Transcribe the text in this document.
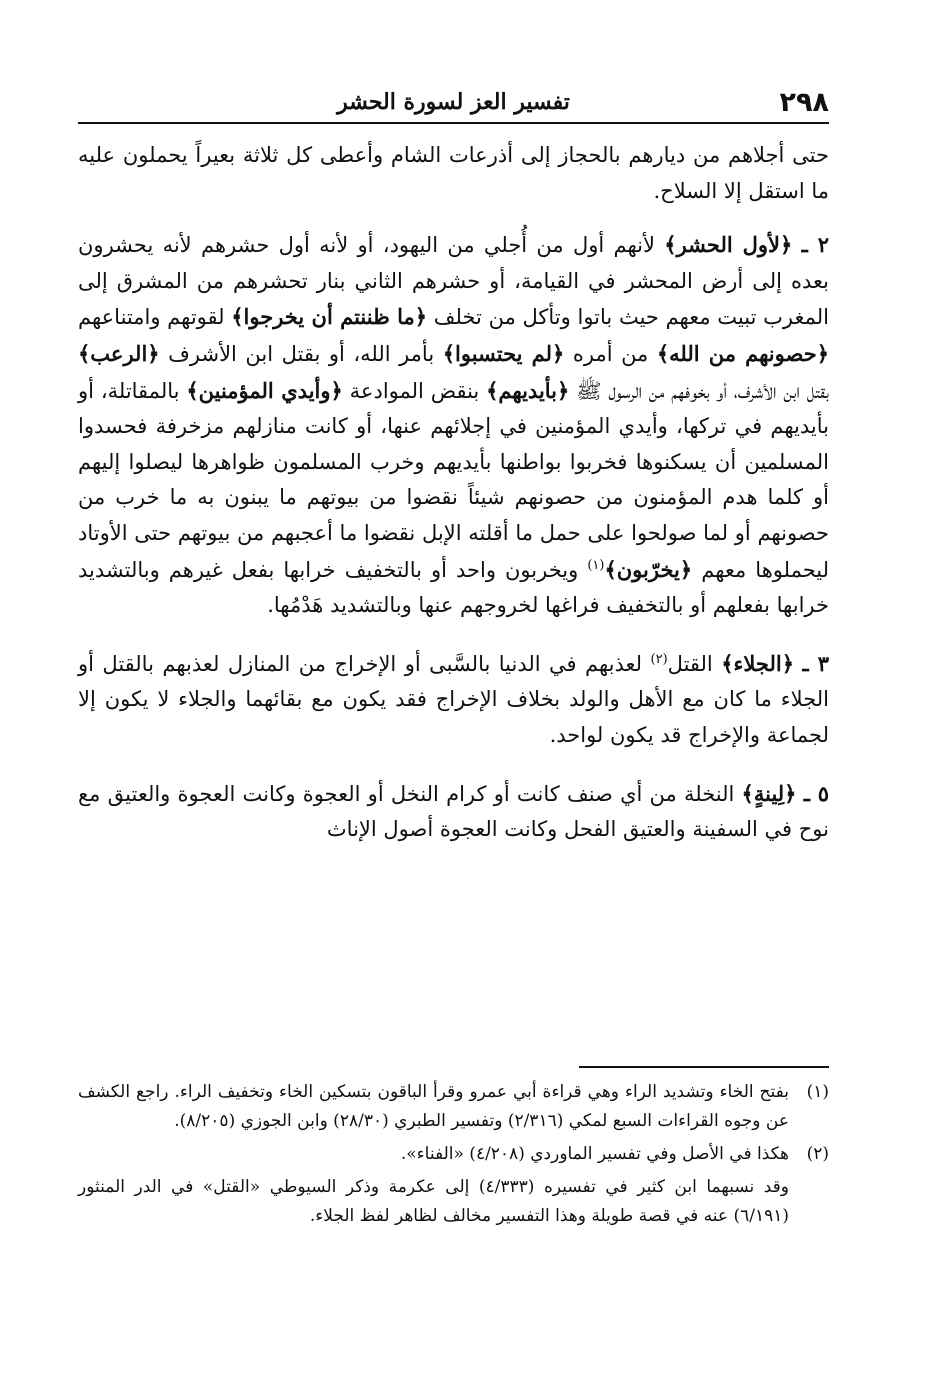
٢٩٨
تفسير العز لسورة الحشر

حتى أجلاهم من ديارهم بالحجاز إلى أذرعات الشام وأعطى كل ثلاثة بعيراً يحملون عليه ما استقل إلا السلاح.

٢ ـ ﴿لأول الحشر﴾ لأنهم أول من أُجلي من اليهود، أو لأنه أول حشرهم لأنه يحشرون بعده إلى أرض المحشر في القيامة، أو حشرهم الثاني بنار تحشرهم من المشرق إلى المغرب تبيت معهم حيث باتوا وتأكل من تخلف ﴿ما ظننتم أن يخرجوا﴾ لقوتهم وامتناعهم ﴿حصونهم من الله﴾ من أمره ﴿لم يحتسبوا﴾ بأمر الله، أو بقتل ابن الأشرف ﴿الرعب﴾ بقتل ابن الأشرف، أو بخوفهم من الرسول ﷺ ﴿بأيديهم﴾ بنقض الموادعة ﴿وأيدي المؤمنين﴾ بالمقاتلة، أو بأيديهم في تركها، وأيدي المؤمنين في إجلائهم عنها، أو كانت منازلهم مزخرفة فحسدوا المسلمين أن يسكنوها فخربوا بواطنها بأيديهم وخرب المسلمون ظواهرها ليصلوا إليهم أو كلما هدم المؤمنون من حصونهم شيئاً نقضوا من بيوتهم ما يبنون به ما خرب من حصونهم أو لما صولحوا على حمل ما أقلته الإبل نقضوا ما أعجبهم من بيوتهم حتى الأوتاد ليحملوها معهم ﴿يخرّبون﴾$^{(١)}$ ويخربون واحد أو بالتخفيف خرابها بفعل غيرهم وبالتشديد خرابها بفعلهم أو بالتخفيف فراغها لخروجهم عنها وبالتشديد هَدْمُها.

٣ ـ ﴿الجلاء﴾ القتل$^{(٢)}$ لعذبهم في الدنيا بالسَّبى أو الإخراج من المنازل لعذبهم بالقتل أو الجلاء ما كان مع الأهل والولد بخلاف الإخراج فقد يكون مع بقائهما والجلاء لا يكون إلا لجماعة والإخراج قد يكون لواحد.

٥ ـ ﴿لِينةٍ﴾ النخلة من أي صنف كانت أو كرام النخل أو العجوة وكانت العجوة والعتيق مع نوح في السفينة والعتيق الفحل وكانت العجوة أصول الإناث

(١)
بفتح الخاء وتشديد الراء وهي قراءة أبي عمرو وقرأ الباقون بتسكين الخاء وتخفيف الراء. راجع الكشف عن وجوه القراءات السبع لمكي (٢/٣١٦) وتفسير الطبري (٢٨/٣٠) وابن الجوزي (٨/٢٠٥).
(٢)
هكذا في الأصل وفي تفسير الماوردي (٤/٢٠٨) «الفناء».

وقد نسبهما ابن كثير في تفسيره (٤/٣٣٣) إلى عكرمة وذكر السيوطي «القتل» في الدر المنثور (٦/١٩١) عنه في قصة طويلة وهذا التفسير مخالف لظاهر لفظ الجلاء.
